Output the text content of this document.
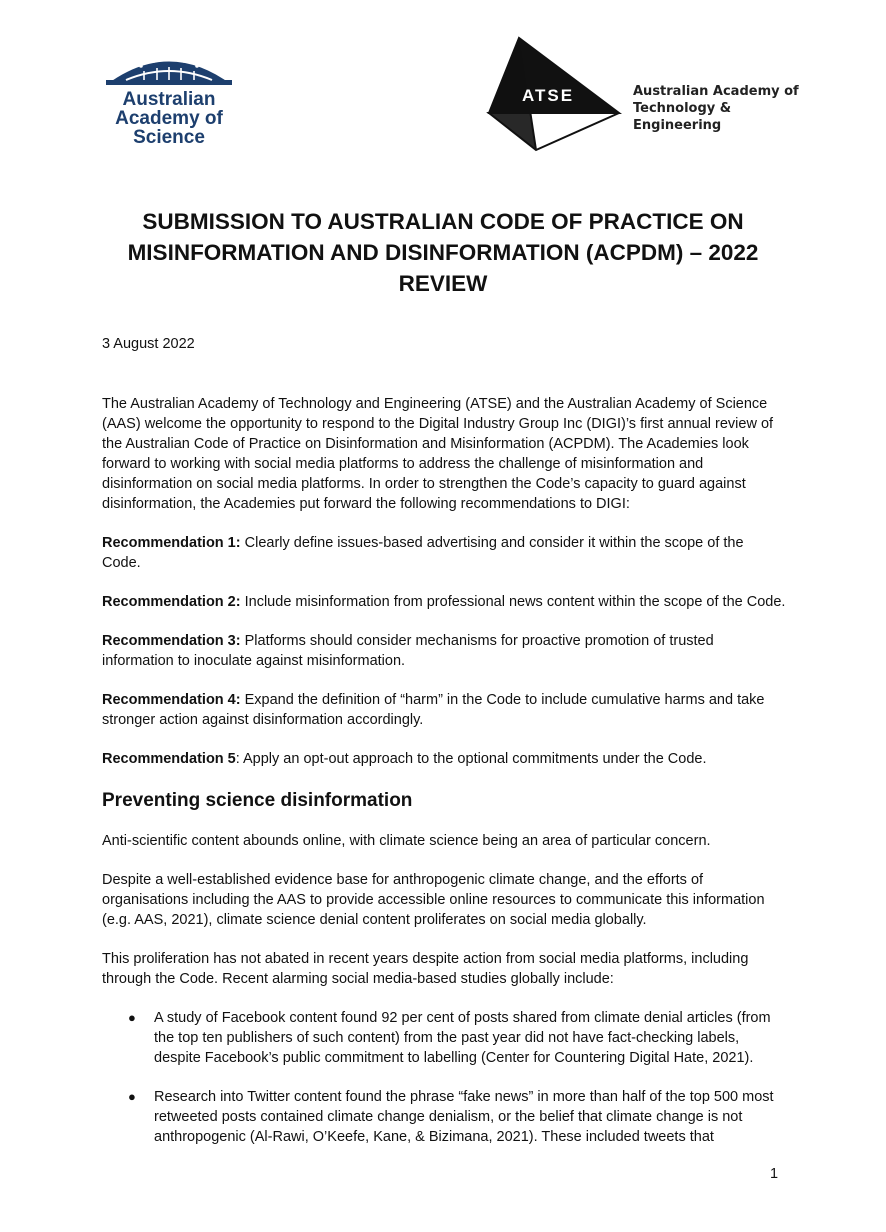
Australian
Academy of
Science
ATSE	Australian Academy of
Technology & Engineering
SUBMISSION TO AUSTRALIAN CODE OF PRACTICE ON MISINFORMATION AND DISINFORMATION (ACPDM) – 2022 REVIEW
3 August 2022

The Australian Academy of Technology and Engineering (ATSE) and the Australian Academy of Science (AAS) welcome the opportunity to respond to the Digital Industry Group Inc (DIGI)’s first annual review of the Australian Code of Practice on Disinformation and Misinformation (ACPDM). The Academies look forward to working with social media platforms to address the challenge of misinformation and disinformation on social media platforms. In order to strengthen the Code’s capacity to guard against disinformation, the Academies put forward the following recommendations to DIGI:

Recommendation 1: Clearly define issues-based advertising and consider it within the scope of the Code.

Recommendation 2: Include misinformation from professional news content within the scope of the Code.

Recommendation 3: Platforms should consider mechanisms for proactive promotion of trusted information to inoculate against misinformation.

Recommendation 4: Expand the definition of “harm” in the Code to include cumulative harms and take stronger action against disinformation accordingly.

Recommendation 5: Apply an opt-out approach to the optional commitments under the Code.

Preventing science disinformation

Anti-scientific content abounds online, with climate science being an area of particular concern.

Despite a well-established evidence base for anthropogenic climate change, and the efforts of organisations including the AAS to provide accessible online resources to communicate this information (e.g. AAS, 2021), climate science denial content proliferates on social media globally.

This proliferation has not abated in recent years despite action from social media platforms, including through the Code. Recent alarming social media-based studies globally include:

● A study of Facebook content found 92 per cent of posts shared from climate denial articles (from the top ten publishers of such content) from the past year did not have fact-checking labels, despite Facebook’s public commitment to labelling (Center for Countering Digital Hate, 2021).
● Research into Twitter content found the phrase “fake news” in more than half of the top 500 most retweeted posts contained climate change denialism, or the belief that climate change is not anthropogenic (Al-Rawi, O’Keefe, Kane, & Bizimana, 2021). These included tweets that
1
